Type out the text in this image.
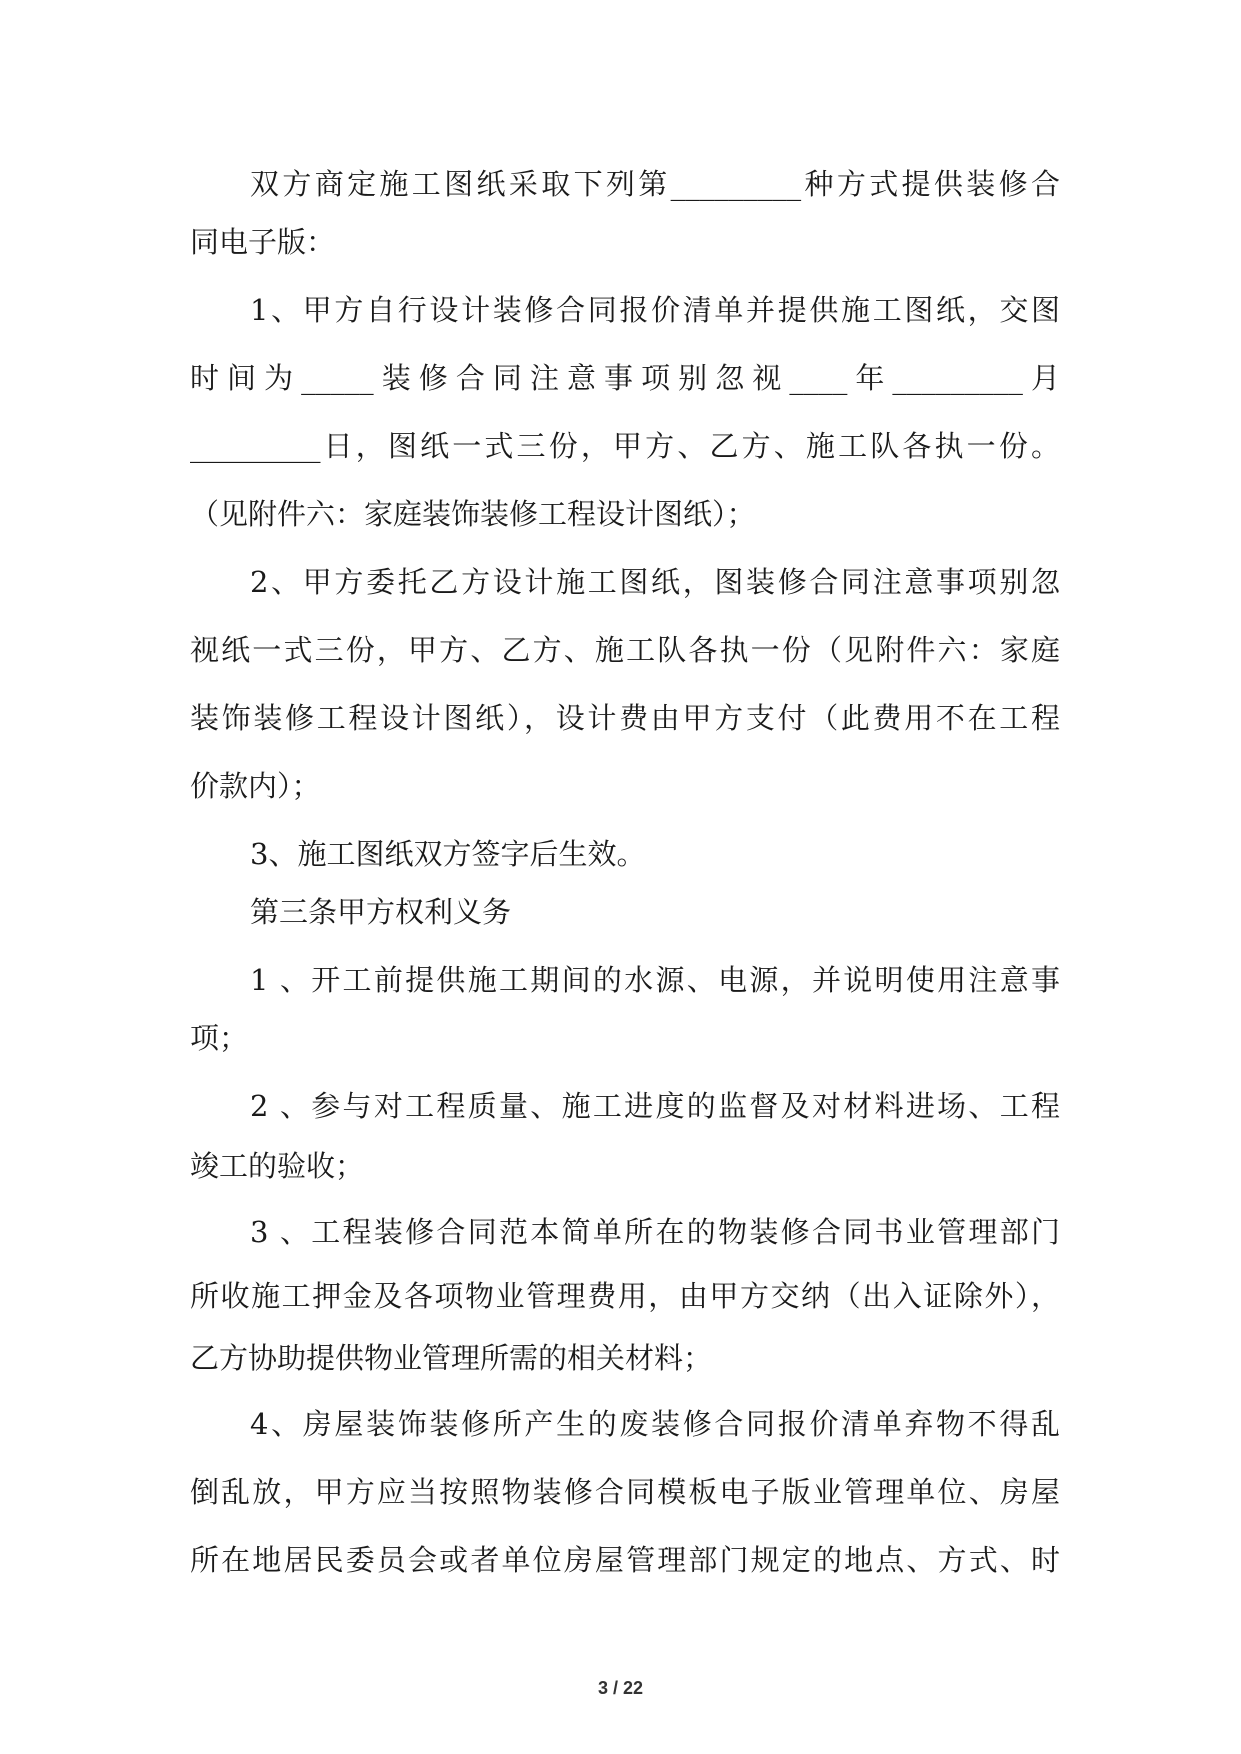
双方商定施工图纸采取下列第_________种方式提供装修合
同电子版：
1、甲方自行设计装修合同报价清单并提供施工图纸，交图
时间为_____装修合同注意事项别忽视____年_________月
_________日，图纸一式三份，甲方、乙方、施工队各执一份。
（见附件六：家庭装饰装修工程设计图纸）；
2、甲方委托乙方设计施工图纸，图装修合同注意事项别忽
视纸一式三份，甲方、乙方、施工队各执一份（见附件六：家庭
装饰装修工程设计图纸），设计费由甲方支付（此费用不在工程
价款内）；
3、施工图纸双方签字后生效。
第三条甲方权利义务
1 、开工前提供施工期间的水源、电源，并说明使用注意事
项；
2 、参与对工程质量、施工进度的监督及对材料进场、工程
竣工的验收；
3 、工程装修合同范本简单所在的物装修合同书业管理部门
所收施工押金及各项物业管理费用，由甲方交纳（出入证除外），
乙方协助提供物业管理所需的相关材料；
4、房屋装饰装修所产生的废装修合同报价清单弃物不得乱
倒乱放，甲方应当按照物装修合同模板电子版业管理单位、房屋
所在地居民委员会或者单位房屋管理部门规定的地点、方式、时
3 / 22
